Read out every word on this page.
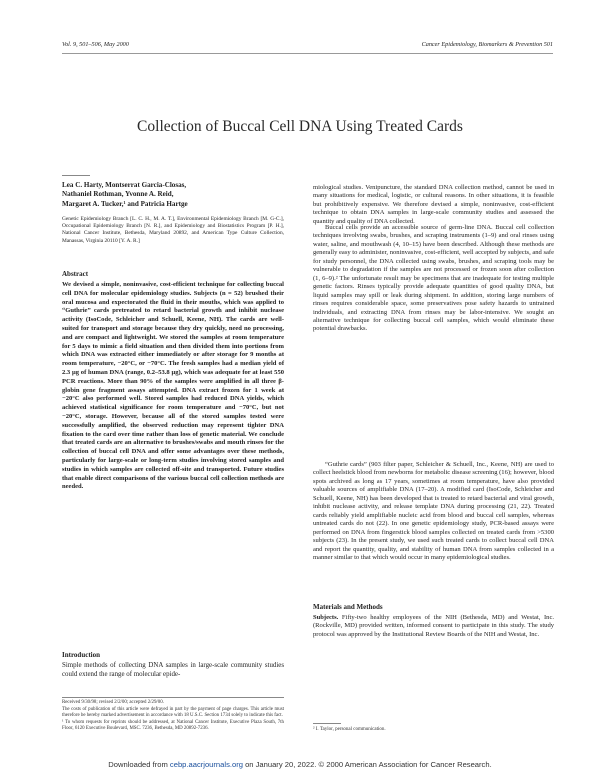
Vol. 9, 501–506, May 2000	Cancer Epidemiology, Biomarkers & Prevention 501
Collection of Buccal Cell DNA Using Treated Cards
Lea C. Harty, Montserrat Garcia-Closas,
Nathaniel Rothman, Yvonne A. Reid,
Margaret A. Tucker,¹ and Patricia Hartge
Genetic Epidemiology Branch [L. C. H., M. A. T.], Environmental Epidemiology Branch [M. G-C.], Occupational Epidemiology Branch [N. R.], and Epidemiology and Biostatistics Program [P. H.], National Cancer Institute, Bethesda, Maryland 20892, and American Type Culture Collection, Manassas, Virginia 20110 [Y. A. R.]
Abstract
We devised a simple, noninvasive, cost-efficient technique for collecting buccal cell DNA for molecular epidemiology studies. Subjects (n = 52) brushed their oral mucosa and expectorated the fluid in their mouths, which was applied to “Guthrie” cards pretreated to retard bacterial growth and inhibit nuclease activity (IsoCode, Schleicher and Schuell, Keene, NH). The cards are well-suited for transport and storage because they dry quickly, need no processing, and are compact and lightweight. We stored the samples at room temperature for 5 days to mimic a field situation and then divided them into portions from which DNA was extracted either immediately or after storage for 9 months at room temperature, −20°C, or −70°C. The fresh samples had a median yield of 2.3 μg of human DNA (range, 0.2–53.8 μg), which was adequate for at least 550 PCR reactions. More than 90% of the samples were amplified in all three β-globin gene fragment assays attempted. DNA extract frozen for 1 week at −20°C also performed well. Stored samples had reduced DNA yields, which achieved statistical significance for room temperature and −70°C, but not −20°C, storage. However, because all of the stored samples tested were successfully amplified, the observed reduction may represent tighter DNA fixation to the card over time rather than loss of genetic material. We conclude that treated cards are an alternative to brushes/swabs and mouth rinses for the collection of buccal cell DNA and offer some advantages over these methods, particularly for large-scale or long-term studies involving stored samples and studies in which samples are collected off-site and transported. Future studies that enable direct comparisons of the various buccal cell collection methods are needed.
Introduction
Simple methods of collecting DNA samples in large-scale community studies could extend the range of molecular epide-

Received 9/30/98; revised 2/2/00; accepted 2/29/00.

The costs of publication of this article were defrayed in part by the payment of page charges. This article must therefore be hereby marked advertisement in accordance with 18 U.S.C. Section 1734 solely to indicate this fact.

¹ To whom requests for reprints should be addressed, at National Cancer Institute, Executive Plaza South, 7th Floor, 6120 Executive Boulevard, MSC. 7236, Bethesda, MD 20892-7236.

miological studies. Venipuncture, the standard DNA collection method, cannot be used in many situations for medical, logistic, or cultural reasons. In other situations, it is feasible but prohibitively expensive. We therefore devised a simple, noninvasive, cost-efficient technique to obtain DNA samples in large-scale community studies and assessed the quantity and quality of DNA collected.
Buccal cells provide an accessible source of germ-line DNA. Buccal cell collection techniques involving swabs, brushes, and scraping instruments (1–9) and oral rinses using water, saline, and mouthwash (4, 10–15) have been described. Although these methods are generally easy to administer, noninvasive, cost-efficient, well accepted by subjects, and safe for study personnel, the DNA collected using swabs, brushes, and scraping tools may be vulnerable to degradation if the samples are not processed or frozen soon after collection (1, 6–9).² The unfortunate result may be specimens that are inadequate for testing multiple genetic factors. Rinses typically provide adequate quantities of good quality DNA, but liquid samples may spill or leak during shipment. In addition, storing large numbers of rinses requires considerable space, some preservatives pose safety hazards to untrained individuals, and extracting DNA from rinses may be labor-intensive. We sought an alternative technique for collecting buccal cell samples, which would eliminate these potential drawbacks.
“Guthrie cards” (903 filter paper, Schleicher & Schuell, Inc., Keene, NH) are used to collect heelstick blood from newborns for metabolic disease screening (16); however, blood spots archived as long as 17 years, sometimes at room temperature, have also provided valuable sources of amplifiable DNA (17–20). A modified card (IsoCode, Schleicher and Schuell, Keene, NH) has been developed that is treated to retard bacterial and viral growth, inhibit nuclease activity, and release template DNA during processing (21, 22). Treated cards reliably yield amplifiable nucleic acid from blood and buccal cell samples, whereas untreated cards do not (22). In one genetic epidemiology study, PCR-based assays were performed on DNA from fingerstick blood samples collected on treated cards from >5300 subjects (23). In the present study, we used such treated cards to collect buccal cell DNA and report the quantity, quality, and stability of human DNA from samples collected in a manner similar to that which would occur in many epidemiological studies.
Materials and Methods
Subjects. Fifty-two healthy employees of the NIH (Bethesda, MD) and Westat, Inc. (Rockville, MD) provided written, informed consent to participate in this study. The study protocol was approved by the Institutional Review Boards of the NIH and Westat, Inc.
² I. Taylor, personal communication.
Downloaded from cebp.aacrjournals.org on January 20, 2022. © 2000 American Association for Cancer Research.
